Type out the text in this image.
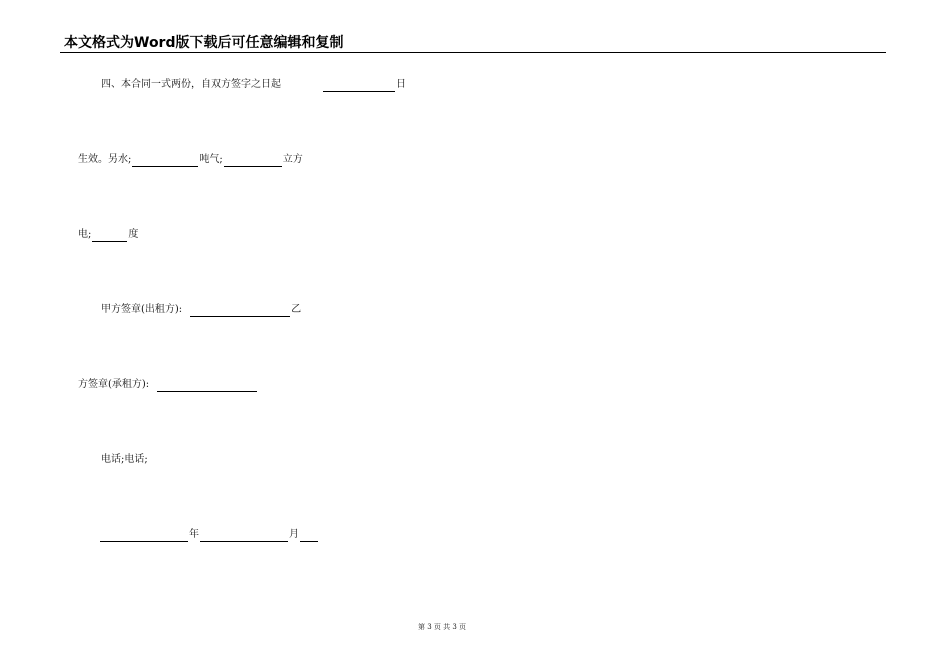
本文格式为Word版下载后可任意编辑和复制
四、本合同一式两份，自双方签字之日起	日
生效。另水;	吨气;	立方
电;	度
甲方签章(出租方):	乙
方签章(承租方):
电话;电话;
年	月
第 3 页 共 3 页
